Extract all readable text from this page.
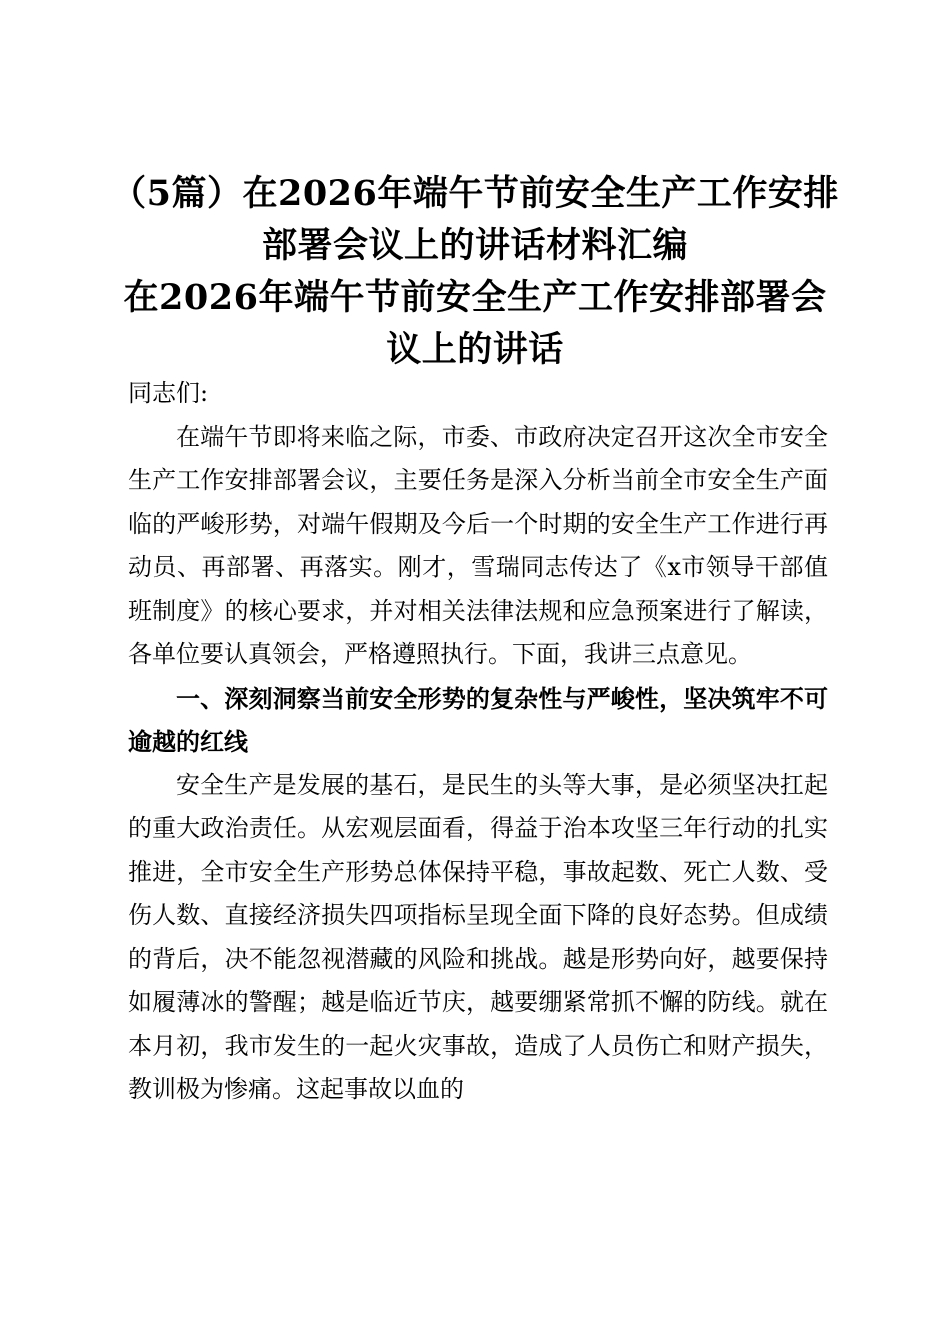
（5篇）在2026年端午节前安全生产工作安排

部署会议上的讲话材料汇编

在2026年端午节前安全生产工作安排部署会

议上的讲话

同志们:

在端午节即将来临之际，市委、市政府决定召开这次全市安全生产工作安排部署会议，主要任务是深入分析当前全市安全生产面临的严峻形势，对端午假期及今后一个时期的安全生产工作进行再动员、再部署、再落实。刚才，雪瑞同志传达了《x市领导干部值班制度》的核心要求，并对相关法律法规和应急预案进行了解读，各单位要认真领会，严格遵照执行。下面，我讲三点意见。

一、深刻洞察当前安全形势的复杂性与严峻性，坚决筑牢不可逾越的红线

安全生产是发展的基石，是民生的头等大事，是必须坚决扛起的重大政治责任。从宏观层面看，得益于治本攻坚三年行动的扎实推进，全市安全生产形势总体保持平稳，事故起数、死亡人数、受伤人数、直接经济损失四项指标呈现全面下降的良好态势。但成绩的背后，决不能忽视潜藏的风险和挑战。越是形势向好，越要保持如履薄冰的警醒；越是临近节庆，越要绷紧常抓不懈的防线。就在本月初，我市发生的一起火灾事故，造成了人员伤亡和财产损失，教训极为惨痛。这起事故以血的
